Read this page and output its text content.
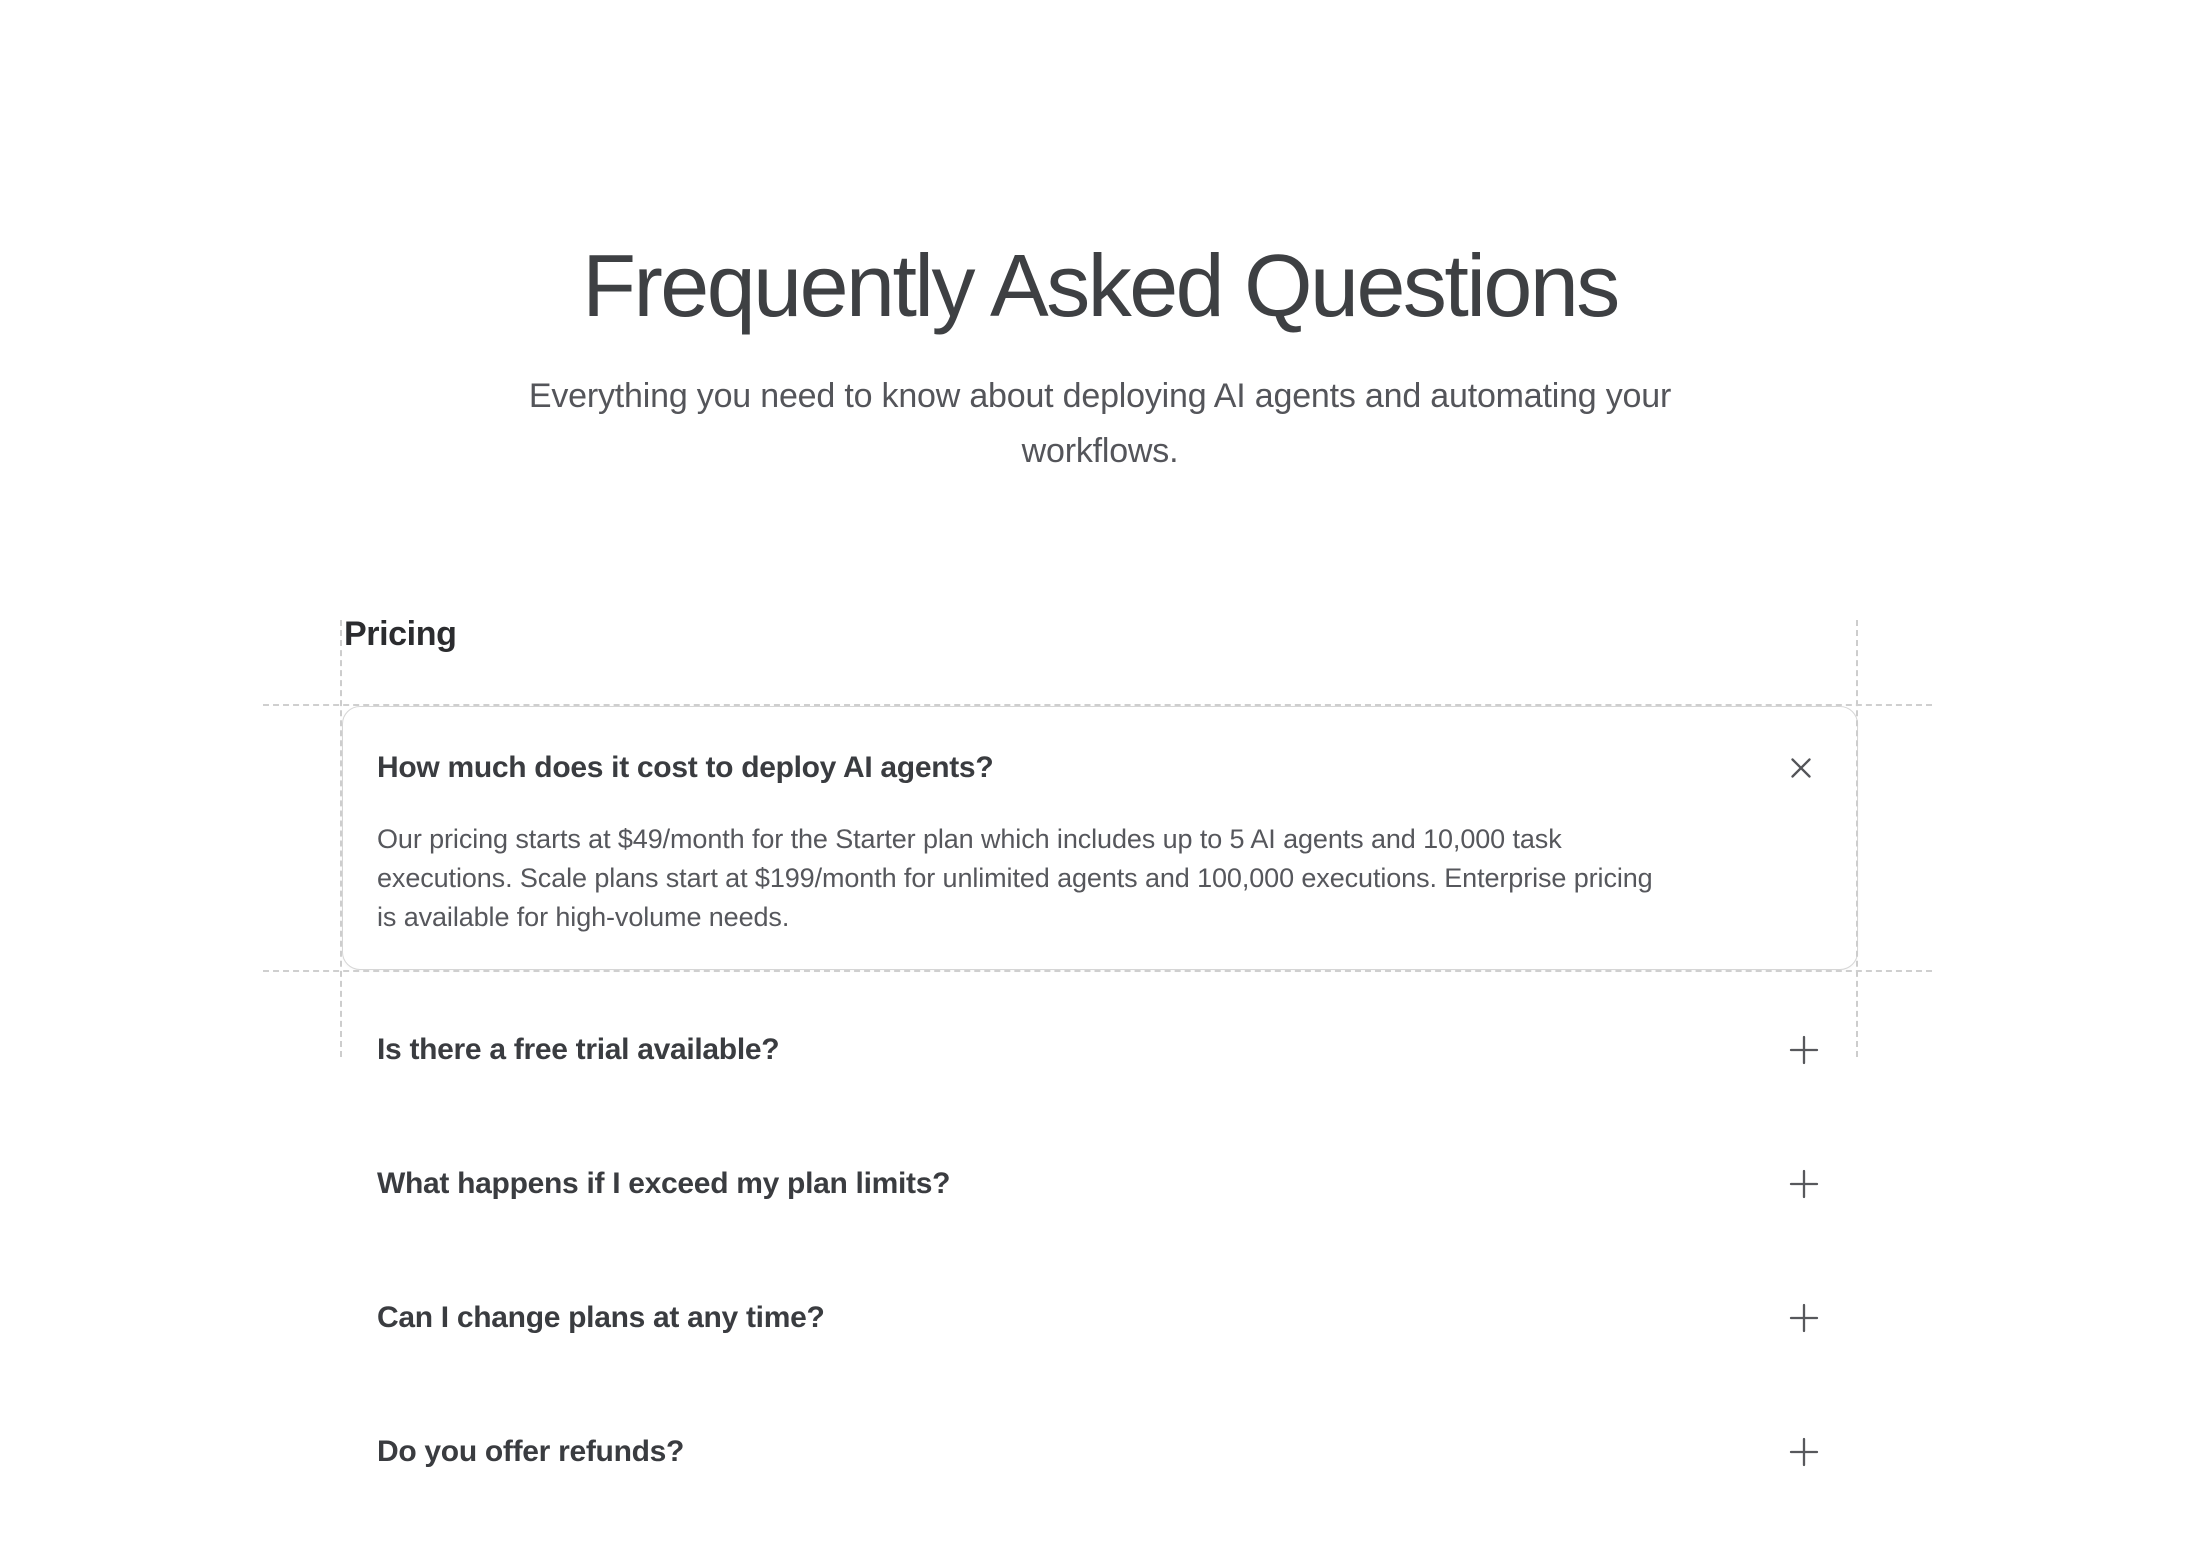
Frequently Asked Questions

Everything you need to know about deploying AI agents and automating your workflows.

Pricing
How much does it cost to deploy AI agents?

Our pricing starts at $49/month for the Starter plan which includes up to 5 AI agents and 10,000 task executions. Scale plans start at $199/month for unlimited agents and 100,000 executions. Enterprise pricing is available for high-volume needs.

Is there a free trial available?
What happens if I exceed my plan limits?
Can I change plans at any time?
Do you offer refunds?
